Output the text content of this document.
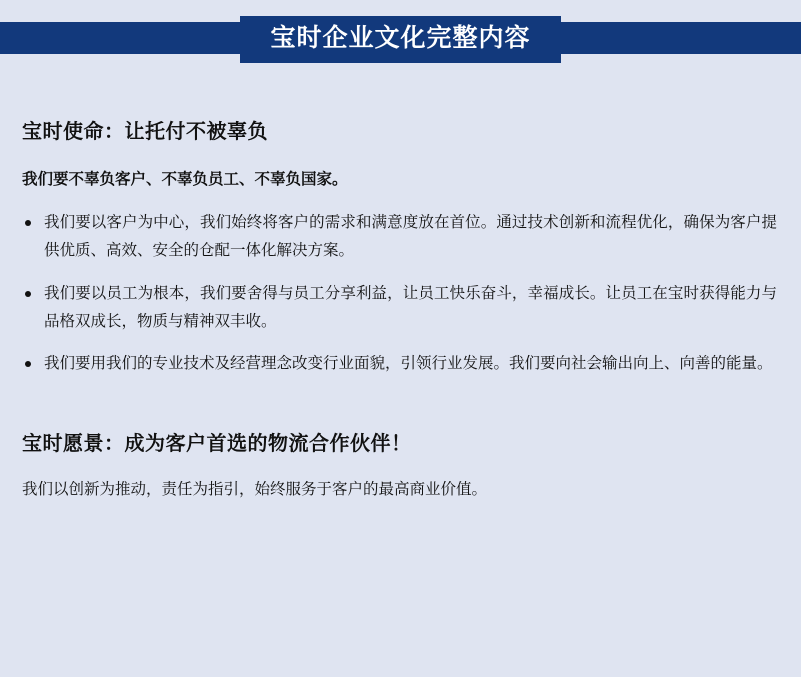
宝时企业文化完整内容
宝时使命：让托付不被辜负

我们要不辜负客户、不辜负员工、不辜负国家。

我们要以客户为中心，我们始终将客户的需求和满意度放在首位。通过技术创新和流程优化，确保为客户提供优质、高效、安全的仓配一体化解决方案。
我们要以员工为根本，我们要舍得与员工分享利益，让员工快乐奋斗，幸福成长。让员工在宝时获得能力与品格双成长，物质与精神双丰收。
我们要用我们的专业技术及经营理念改变行业面貌，引领行业发展。我们要向社会输出向上、向善的能量。
宝时愿景：成为客户首选的物流合作伙伴！

我们以创新为推动，责任为指引，始终服务于客户的最高商业价值。
